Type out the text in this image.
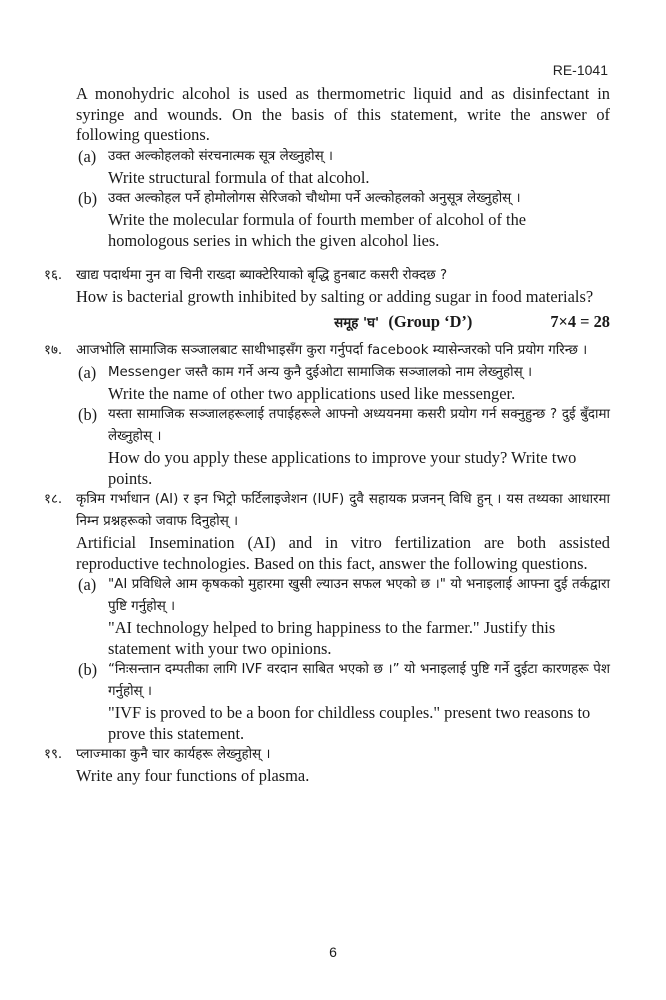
RE-1041

A monohydric alcohol is used as thermometric liquid and as disinfectant in syringe and wounds. On the basis of this statement, write the answer of following questions.

(a) उक्त अल्कोहलको संरचनात्मक सूत्र लेख्नुहोस् ।

Write structural formula of that alcohol.

(b) उक्त अल्कोहल पर्ने होमोलोगस सेरिजको चौथोमा पर्ने अल्कोहलको अनुसूत्र लेख्नुहोस् ।

Write the molecular formula of fourth member of alcohol of the homologous series in which the given alcohol lies.

१६. खाद्य पदार्थमा नुन वा चिनी राख्दा ब्याक्टेरियाको बृद्धि हुनबाट कसरी रोक्दछ ?

How is bacterial growth inhibited by salting or adding sugar in food materials?

समूह 'घ' (Group ‘D’)	7×4 = 28
१७. आजभोलि सामाजिक सञ्जालबाट साथीभाइसँग कुरा गर्नुपर्दा facebook म्यासेन्जरको पनि प्रयोग गरिन्छ ।

(a) Messenger जस्तै काम गर्ने अन्य कुनै दुईओटा सामाजिक सञ्जालको नाम लेख्नुहोस् ।

Write the name of other two applications used like messenger.

(b) यस्ता सामाजिक सञ्जालहरूलाई तपाईहरूले आफ्नो अध्ययनमा कसरी प्रयोग गर्न सक्नुहुन्छ ? दुई बुँदामा लेख्नुहोस् ।

How do you apply these applications to improve your study? Write two points.

१८. कृत्रिम गर्भाधान (AI) र इन भिट्रो फर्टिलाइजेशन (IUF) दुवै सहायक प्रजनन् विधि हुन् । यस तथ्यका आधारमा निम्न प्रश्नहरूको जवाफ दिनुहोस् ।

Artificial Insemination (AI) and in vitro fertilization are both assisted reproductive technologies. Based on this fact, answer the following questions.

(a) "AI प्रविधिले आम कृषकको मुहारमा खुसी ल्याउन सफल भएको छ ।" यो भनाइलाई आफ्ना दुई तर्कद्वारा पुष्टि गर्नुहोस् ।

"AI technology helped to bring happiness to the farmer." Justify this statement with your two opinions.

(b) “निःसन्तान दम्पतीका लागि IVF वरदान साबित भएको छ ।” यो भनाइलाई पुष्टि गर्ने दुईटा कारणहरू पेश गर्नुहोस् ।

"IVF is proved to be a boon for childless couples." present two reasons to prove this statement.

१९. प्लाज्माका कुनै चार कार्यहरू लेख्नुहोस् ।

Write any four functions of plasma.

6
